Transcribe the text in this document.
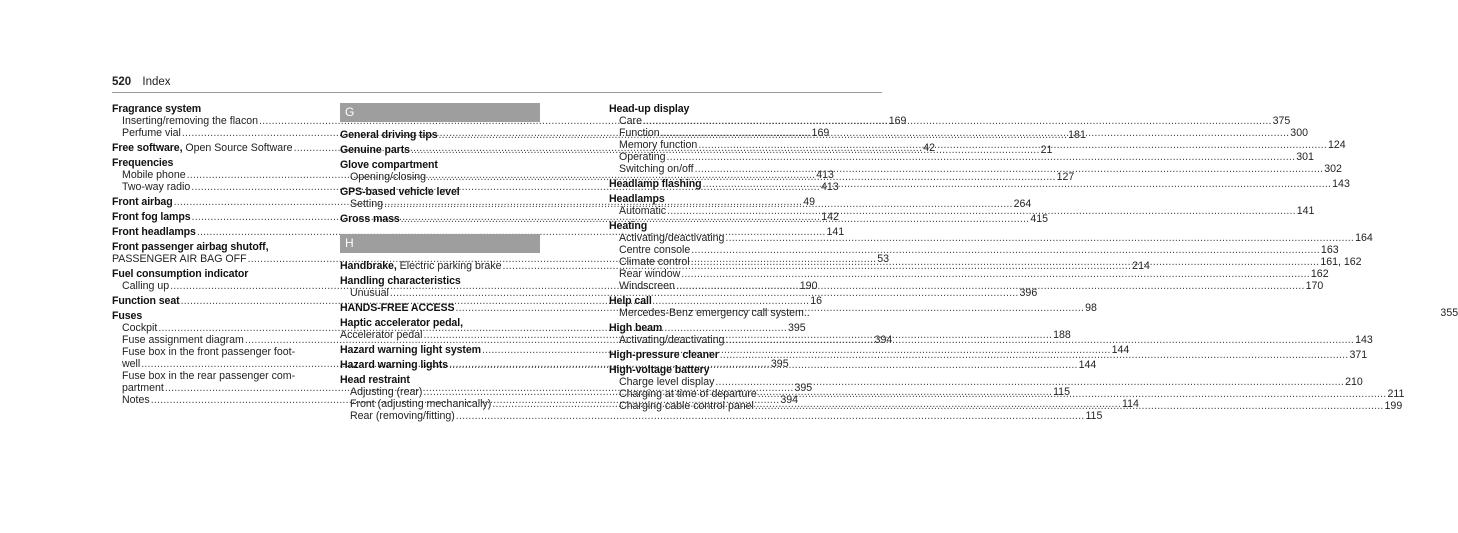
520 Index
Fragrance system
Inserting/removing the flacon .....	169
Perfume vial .....	169
Free software, Open Source Software .....	42
Frequencies
Mobile phone .....	413
Two-way radio .....	413
Front airbag .....	49
Front fog lamps .....	142
Front headlamps .....	141
Front passenger airbag shutoff,
PASSENGER AIR BAG OFF .....	53
Fuel consumption indicator
Calling up .....	190
Function seat .....	16
Fuses
Cockpit .....	395
Fuse assignment diagram .....	394
Fuse box in the front passenger foot-
well .....	395
Fuse box in the rear passenger com-
partment .....	395
Notes .....	394
G
General driving tips .....	181
Genuine parts .....	21
Glove compartment
Opening/closing .....	127
GPS-based vehicle level
Setting .....	264
Gross mass .....	415
H
Handbrake, Electric parking brake .....	214
Handling characteristics
Unusual .....	396
HANDS-FREE ACCESS .....	98
Haptic accelerator pedal,
Accelerator pedal .....	188
Hazard warning light system .....	144
Hazard warning lights .....	144
Head restraint
Adjusting (rear) .....	115
Front (adjusting mechanically) .....	114
Rear (removing/fitting) .....	115
Head-up display
Care .....	375
Function .....	300
Memory function .....	124
Operating .....	301
Switching on/off .....	302
Headlamp flashing .....	143
Headlamps
Automatic .....	141
Heating
Activating/deactivating .....	164
Centre console .....	163
Climate control .....	161, 162
Rear window .....	162
Windscreen .....	170
Help call
Mercedes-Benz emergency call system..	355
High beam
Activating/deactivating .....	143
High-pressure cleaner .....	371
High-voltage battery
Charge level display .....	210
Charging at time of departure .....	211
Charging cable control panel .....	199
